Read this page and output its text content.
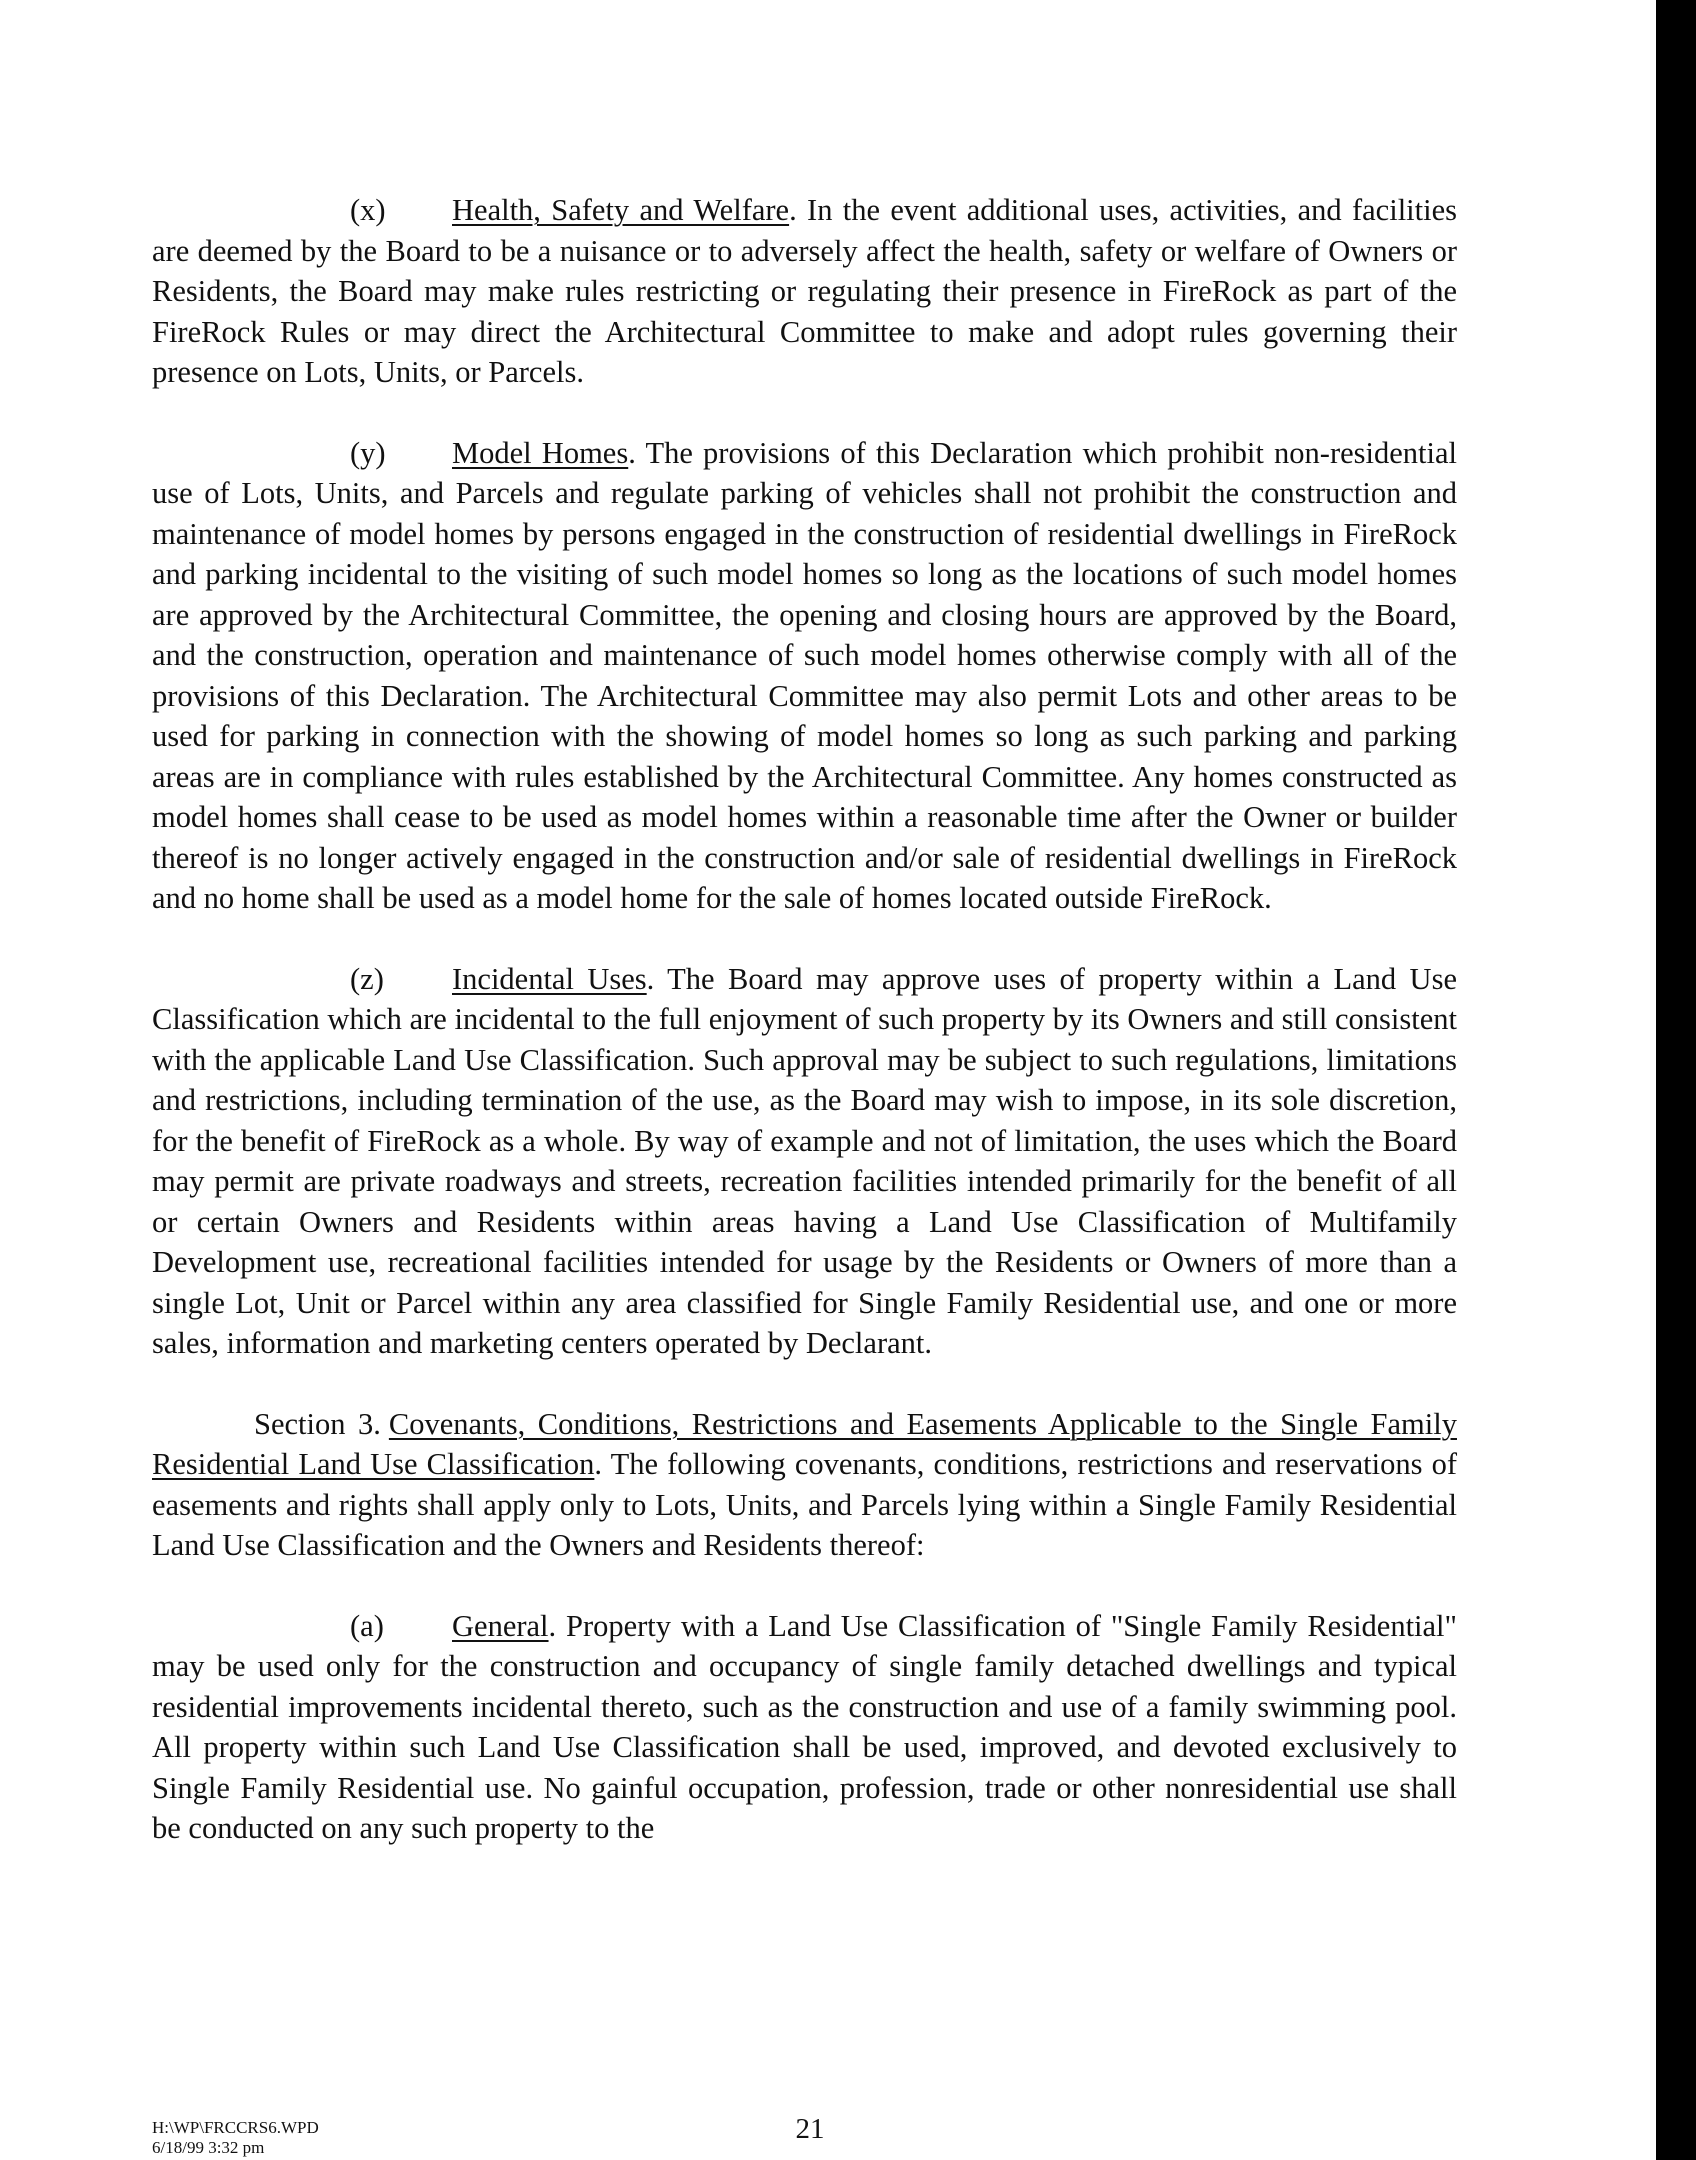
(x) Health, Safety and Welfare. In the event additional uses, activities, and facilities are deemed by the Board to be a nuisance or to adversely affect the health, safety or welfare of Owners or Residents, the Board may make rules restricting or regulating their presence in FireRock as part of the FireRock Rules or may direct the Architectural Committee to make and adopt rules governing their presence on Lots, Units, or Parcels.

(y) Model Homes. The provisions of this Declaration which prohibit non-residential use of Lots, Units, and Parcels and regulate parking of vehicles shall not prohibit the construction and maintenance of model homes by persons engaged in the construction of residential dwellings in FireRock and parking incidental to the visiting of such model homes so long as the locations of such model homes are approved by the Architectural Committee, the opening and closing hours are approved by the Board, and the construction, operation and maintenance of such model homes otherwise comply with all of the provisions of this Declaration. The Architectural Committee may also permit Lots and other areas to be used for parking in connection with the showing of model homes so long as such parking and parking areas are in compliance with rules established by the Architectural Committee. Any homes constructed as model homes shall cease to be used as model homes within a reasonable time after the Owner or builder thereof is no longer actively engaged in the construction and/or sale of residential dwellings in FireRock and no home shall be used as a model home for the sale of homes located outside FireRock.

(z) Incidental Uses. The Board may approve uses of property within a Land Use Classification which are incidental to the full enjoyment of such property by its Owners and still consistent with the applicable Land Use Classification. Such approval may be subject to such regulations, limitations and restrictions, including termination of the use, as the Board may wish to impose, in its sole discretion, for the benefit of FireRock as a whole. By way of example and not of limitation, the uses which the Board may permit are private roadways and streets, recreation facilities intended primarily for the benefit of all or certain Owners and Residents within areas having a Land Use Classification of Multifamily Development use, recreational facilities intended for usage by the Residents or Owners of more than a single Lot, Unit or Parcel within any area classified for Single Family Residential use, and one or more sales, information and marketing centers operated by Declarant.

Section 3. Covenants, Conditions, Restrictions and Easements Applicable to the Single Family Residential Land Use Classification. The following covenants, conditions, restrictions and reservations of easements and rights shall apply only to Lots, Units, and Parcels lying within a Single Family Residential Land Use Classification and the Owners and Residents thereof:

(a) General. Property with a Land Use Classification of "Single Family Residential" may be used only for the construction and occupancy of single family detached dwellings and typical residential improvements incidental thereto, such as the construction and use of a family swimming pool. All property within such Land Use Classification shall be used, improved, and devoted exclusively to Single Family Residential use. No gainful occupation, profession, trade or other nonresidential use shall be conducted on any such property to the

H:\WP\FRCCRS6.WPD
6/18/99 3:32 pm
21
